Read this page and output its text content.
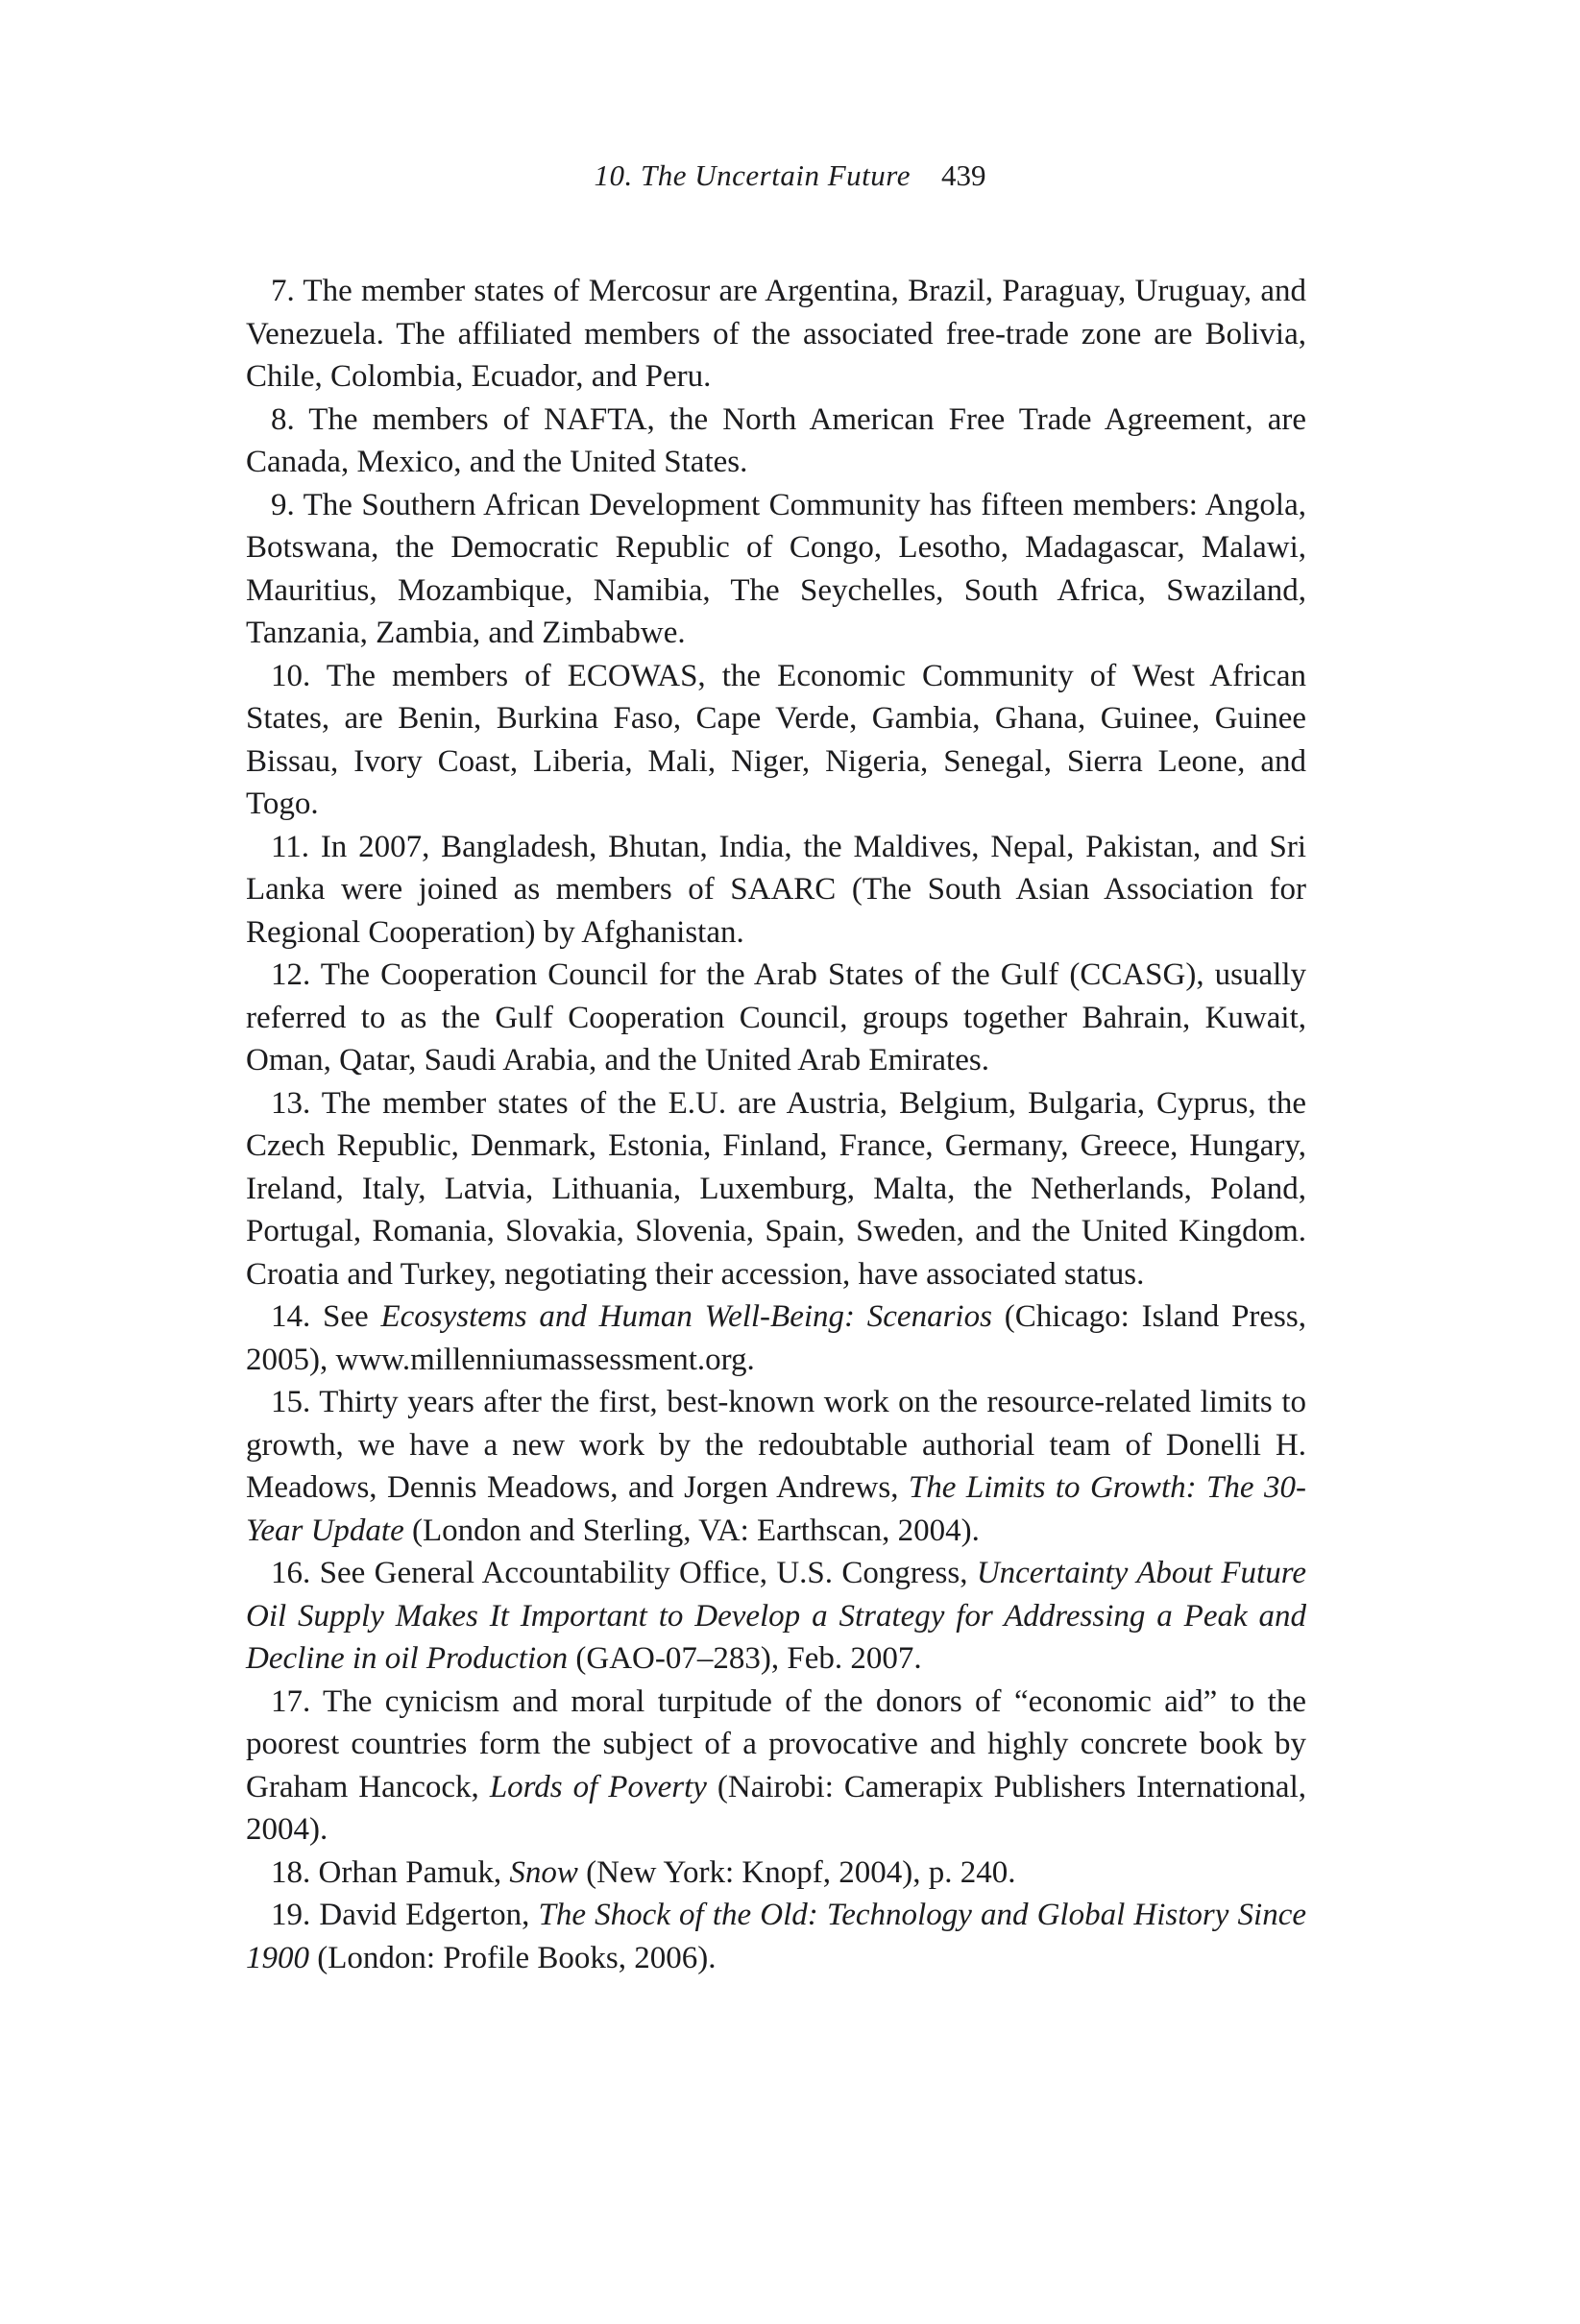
10. The Uncertain Future 439

7. The member states of Mercosur are Argentina, Brazil, Paraguay, Uruguay, and Venezuela. The affiliated members of the associated free-trade zone are Bolivia, Chile, Colombia, Ecuador, and Peru.

8. The members of NAFTA, the North American Free Trade Agreement, are Canada, Mexico, and the United States.

9. The Southern African Development Community has fifteen members: Angola, Botswana, the Democratic Republic of Congo, Lesotho, Madagascar, Malawi, Mauritius, Mozambique, Namibia, The Seychelles, South Africa, Swaziland, Tanzania, Zambia, and Zimbabwe.

10. The members of ECOWAS, the Economic Community of West African States, are Benin, Burkina Faso, Cape Verde, Gambia, Ghana, Guinee, Guinee Bissau, Ivory Coast, Liberia, Mali, Niger, Nigeria, Senegal, Sierra Leone, and Togo.

11. In 2007, Bangladesh, Bhutan, India, the Maldives, Nepal, Pakistan, and Sri Lanka were joined as members of SAARC (The South Asian Association for Regional Cooperation) by Afghanistan.

12. The Cooperation Council for the Arab States of the Gulf (CCASG), usually referred to as the Gulf Cooperation Council, groups together Bahrain, Kuwait, Oman, Qatar, Saudi Arabia, and the United Arab Emirates.

13. The member states of the E.U. are Austria, Belgium, Bulgaria, Cyprus, the Czech Republic, Denmark, Estonia, Finland, France, Germany, Greece, Hungary, Ireland, Italy, Latvia, Lithuania, Luxemburg, Malta, the Netherlands, Poland, Portugal, Romania, Slovakia, Slovenia, Spain, Sweden, and the United Kingdom. Croatia and Turkey, negotiating their accession, have associated status.

14. See Ecosystems and Human Well-Being: Scenarios (Chicago: Island Press, 2005), www.millenniumassessment.org.

15. Thirty years after the first, best-known work on the resource-related limits to growth, we have a new work by the redoubtable authorial team of Donelli H. Meadows, Dennis Meadows, and Jorgen Andrews, The Limits to Growth: The 30-Year Update (London and Sterling, VA: Earthscan, 2004).

16. See General Accountability Office, U.S. Congress, Uncertainty About Future Oil Supply Makes It Important to Develop a Strategy for Addressing a Peak and Decline in oil Production (GAO-07–283), Feb. 2007.

17. The cynicism and moral turpitude of the donors of “economic aid” to the poorest countries form the subject of a provocative and highly concrete book by Graham Hancock, Lords of Poverty (Nairobi: Camerapix Publishers International, 2004).

18. Orhan Pamuk, Snow (New York: Knopf, 2004), p. 240.

19. David Edgerton, The Shock of the Old: Technology and Global History Since 1900 (London: Profile Books, 2006).
